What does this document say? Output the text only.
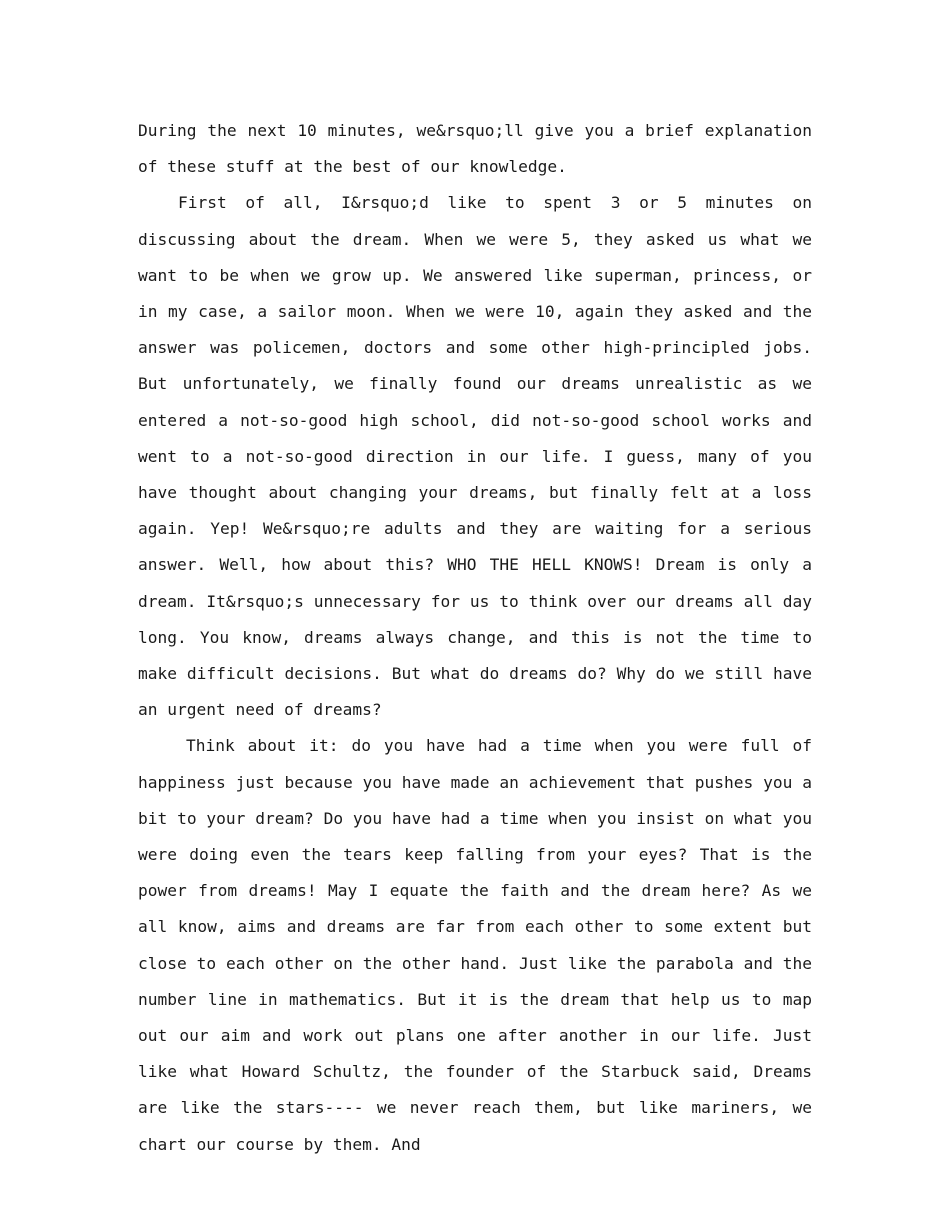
During the next 10 minutes, we&rsquo;ll give you a brief explanation of these stuff at the best of our knowledge.

First of all, I&rsquo;d like to spent 3 or 5 minutes on discussing about the dream. When we were 5, they asked us what we want to be when we grow up. We answered like superman, princess, or in my case, a sailor moon. When we were 10, again they asked and the answer was policemen, doctors and some other high-principled jobs. But unfortunately, we finally found our dreams unrealistic as we entered a not-so-good high school, did not-so-good school works and went to a not-so-good direction in our life. I guess, many of you have thought about changing your dreams, but finally felt at a loss again. Yep! We&rsquo;re adults and they are waiting for a serious answer. Well, how about this? WHO THE HELL KNOWS! Dream is only a dream. It&rsquo;s unnecessary for us to think over our dreams all day long. You know, dreams always change, and this is not the time to make difficult decisions. But what do dreams do? Why do we still have an urgent need of dreams?

Think about it: do you have had a time when you were full of happiness just because you have made an achievement that pushes you a bit to your dream? Do you have had a time when you insist on what you were doing even the tears keep falling from your eyes? That is the power from dreams! May I equate the faith and the dream here? As we all know, aims and dreams are far from each other to some extent but close to each other on the other hand. Just like the parabola and the number line in mathematics. But it is the dream that help us to map out our aim and work out plans one after another in our life. Just like what Howard Schultz, the founder of the Starbuck said, Dreams are like the stars---- we never reach them, but like mariners, we chart our course by them. And
